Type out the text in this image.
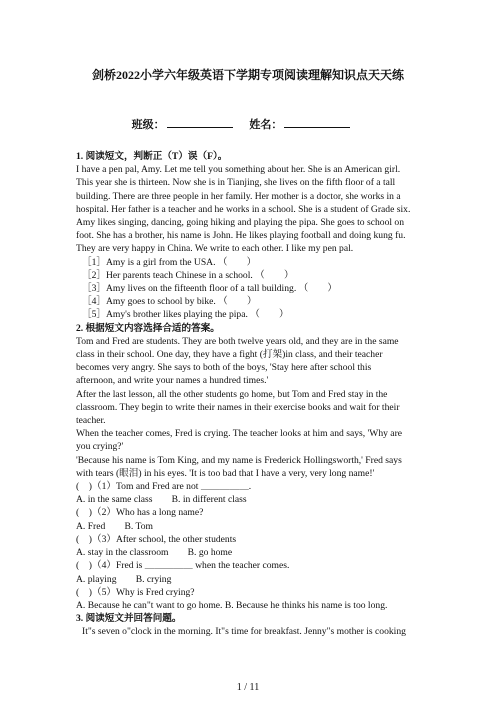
剑桥2022小学六年级英语下学期专项阅读理解知识点天天练
班级：	姓名：

1. 阅读短文，判断正（T）误（F）。

I have a pen pal, Amy. Let me tell you something about her. She is an American girl.

This year she is thirteen. Now she is in Tianjing, she lives on the fifth floor of a tall

building. There are three people in her family. Her mother is a doctor, she works in a

hospital. Her father is a teacher and he works in a school. She is a student of Grade six.

Amy likes singing, dancing, going hiking and playing the pipa. She goes to school on

foot. She has a brother, his name is John. He likes playing football and doing kung fu.

They are very happy in China. We write to each other. I like my pen pal.

［1］Amy is a girl from the USA. （　　）

［2］Her parents teach Chinese in a school. （　　）

［3］Amy lives on the fifteenth floor of a tall building. （　　）

［4］Amy goes to school by bike. （　　）

［5］Amy's brother likes playing the pipa. （　　）

2. 根据短文内容选择合适的答案。

Tom and Fred are students. They are both twelve years old, and they are in the same

class in their school. One day, they have a fight (打架)in class, and their teacher

becomes very angry. She says to both of the boys, 'Stay here after school this

afternoon, and write your names a hundred times.'

After the last lesson, all the other students go home, but Tom and Fred stay in the

classroom. They begin to write their names in their exercise books and wait for their

teacher.

When the teacher comes, Fred is crying. The teacher looks at him and says, 'Why are

you crying?'

'Because his name is Tom King, and my name is Frederick Hollingsworth,' Fred says

with tears (眼泪) in his eyes. 'It is too bad that I have a very, very long name!'

(　)（1）Tom and Fred are not ＿＿＿＿＿.

A. in the same class　　B. in different class

(　)（2）Who has a long name?

A. Fred　　B. Tom

(　)（3）After school, the other students

A. stay in the classroom　　B. go home

(　)（4）Fred is ＿＿＿＿＿ when the teacher comes.

A. playing　　B. crying

(　)（5）Why is Fred crying?

A. Because he can"t want to go home. B. Because he thinks his name is too long.

3. 阅读短文并回答问题。

It"s seven o"clock in the morning. It"s time for breakfast. Jenny"s mother is cooking

1 / 11
